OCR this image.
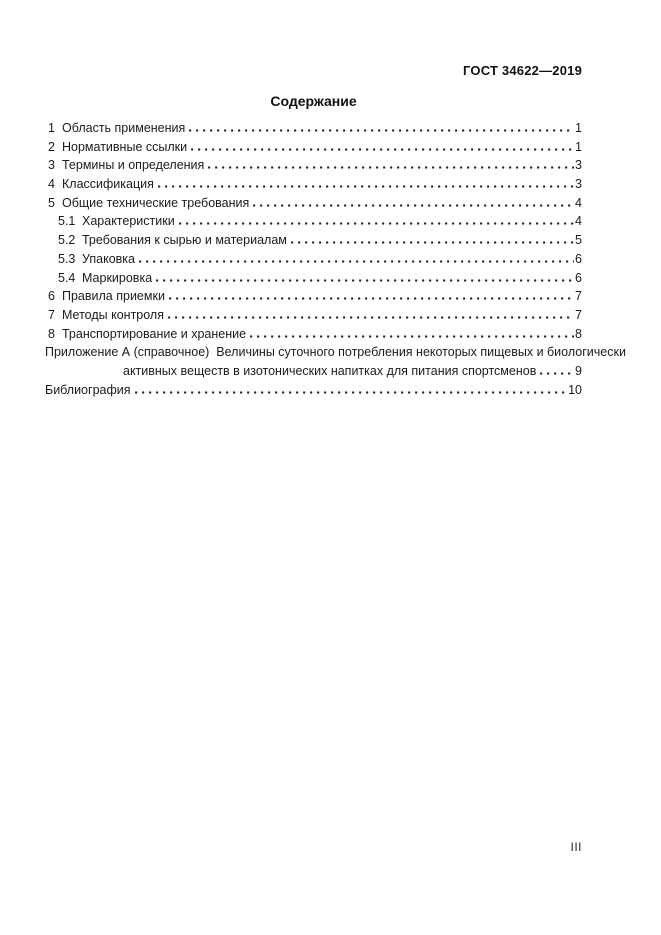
ГОСТ 34622—2019
Содержание
1 Область применения	1
2 Нормативные ссылки	1
3 Термины и определения	3
4 Классификация	3
5 Общие технические требования	4
5.1 Характеристики	4
5.2 Требования к сырью и материалам	5
5.3 Упаковка	6
5.4 Маркировка	6
6 Правила приемки	7
7 Методы контроля	7
8 Транспортирование и хранение	8
Приложение А (справочное)  Величины суточного потребления некоторых пищевых и биологически
активных веществ в изотонических напитках для питания спортсменов	9
Библиография	10
III
